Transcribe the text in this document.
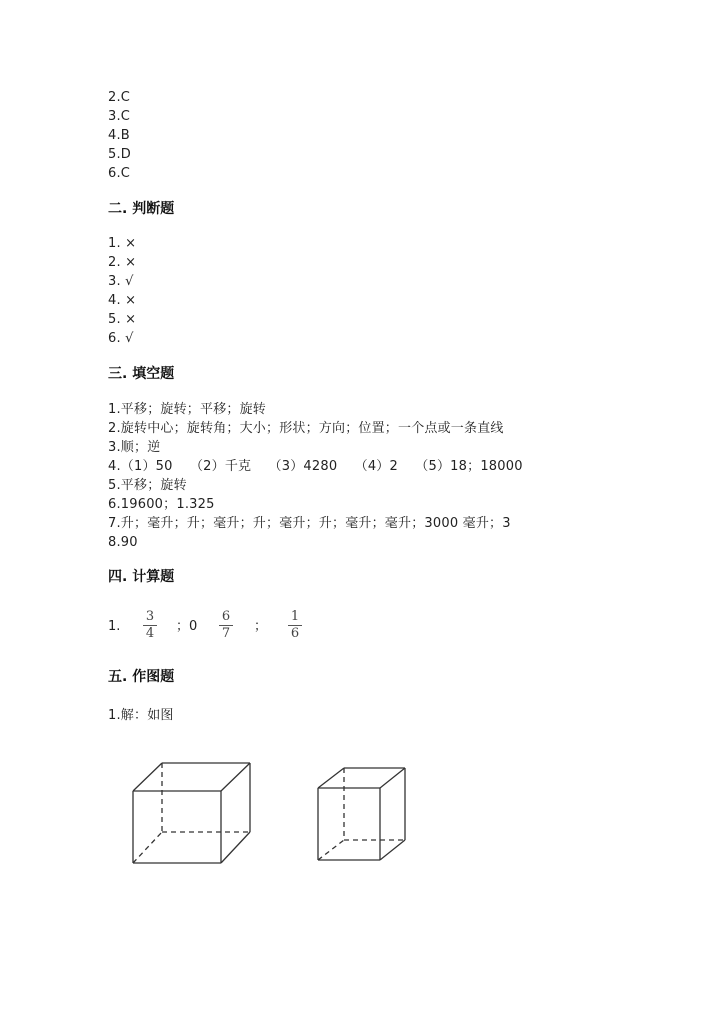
2.C
3.C
4.B
5.D
6.C
二. 判断题
1. ×
2. ×
3. √
4. ×
5. ×
6. √
三. 填空题
1.平移；旋转；平移；旋转
2.旋转中心；旋转角；大小；形状；方向；位置；一个点或一条直线
3.顺；逆
4.（1）50    （2）千克    （3）4280    （4）2    （5）18；18000
5.平移；旋转
6.19600；1.325
7.升；毫升；升；毫升；升；毫升；升；毫升；毫升；3000 毫升；3
8.90
四. 计算题
1.
3
4 ；0
6
7 ；
1
6
五. 作图题
1.解：如图
